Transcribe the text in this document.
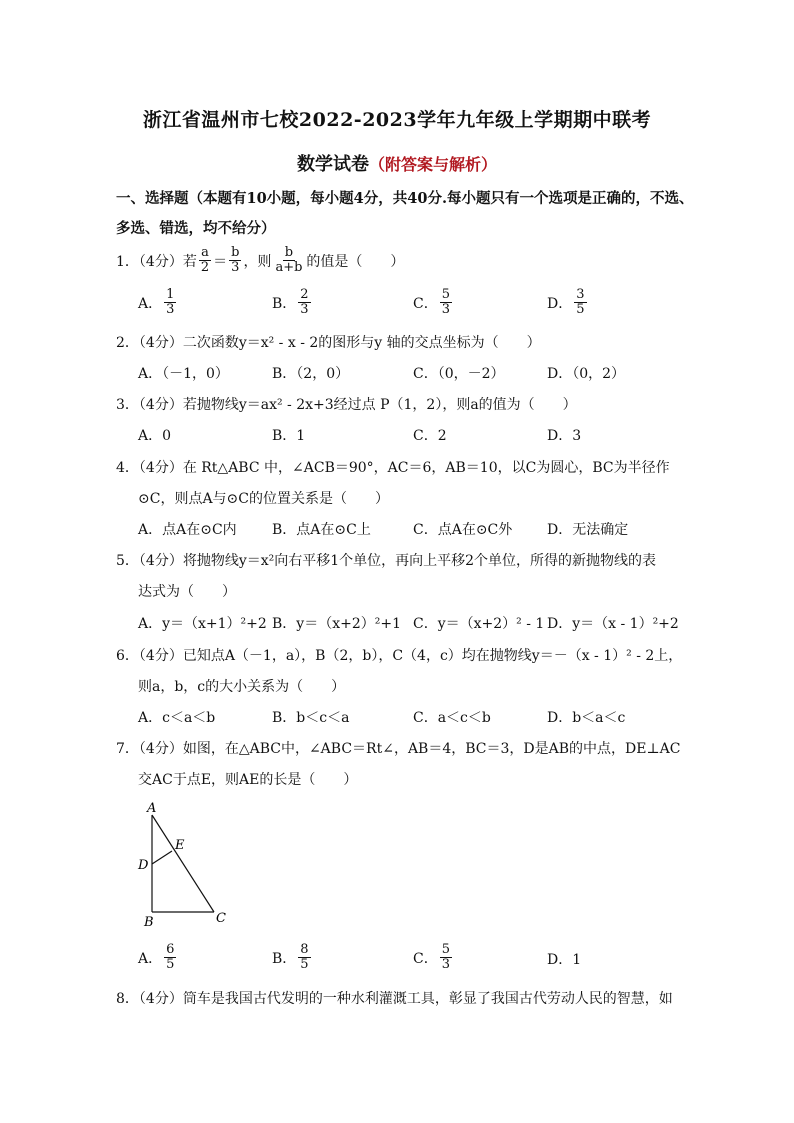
浙江省温州市七校2022-2023学年九年级上学期期中联考
数学试卷（附答案与解析）
一、选择题（本题有10小题，每小题4分，共40分.每小题只有一个选项是正确的，不选、
多选、错选，均不给分）
1．（4分）若 $\frac{a}{2} = \frac{b}{3}$ ，则 $\frac{b}{a+b}$ 的值是（　　）
A． $\frac{1}{3}$	B． $\frac{2}{3}$	C． $\frac{5}{3}$	D． $\frac{3}{5}$
2．（4分）二次函数y＝x² - x - 2的图形与y 轴的交点坐标为（　　）
A．（－1，0）	B．（2，0）	C．（0，－2）	D．（0，2）
3．（4分）若抛物线y＝ax² - 2x+3经过点 P（1，2），则a的值为（　　）
A．0	B．1	C．2	D．3
4．（4分）在 Rt△ABC 中，∠ACB＝90°，AC＝6，AB＝10，以C为圆心，BC为半径作
⊙C，则点A与⊙C的位置关系是（　　）
A．点A在⊙C内	B．点A在⊙C上	C．点A在⊙C外 D．无法确定
5．（4分）将抛物线y＝x²向右平移1个单位，再向上平移2个单位，所得的新抛物线的表
达式为（　　）
A．y＝（x+1）²+2 B．y＝（x+2）²+1 C．y＝（x+2）² - 1 D．y＝（x - 1）²+2
6．（4分）已知点A（－1，a），B（2，b），C（4，c）均在抛物线y＝－（x - 1）² - 2上，
则a，b，c的大小关系为（　　）
A．c＜a＜b	B．b＜c＜a	C．a＜c＜b	D．b＜a＜c
7．（4分）如图，在△ABC中，∠ABC＝Rt∠，AB＝4，BC＝3，D是AB的中点，DE⊥AC
交AC于点E，则AE的长是（　　）
A
E
D
B	C
A． $\frac{6}{5}$	B． $\frac{8}{5}$	C． $\frac{5}{3}$	D．1
8．（4分）筒车是我国古代发明的一种水利灌溉工具，彰显了我国古代劳动人民的智慧，如
